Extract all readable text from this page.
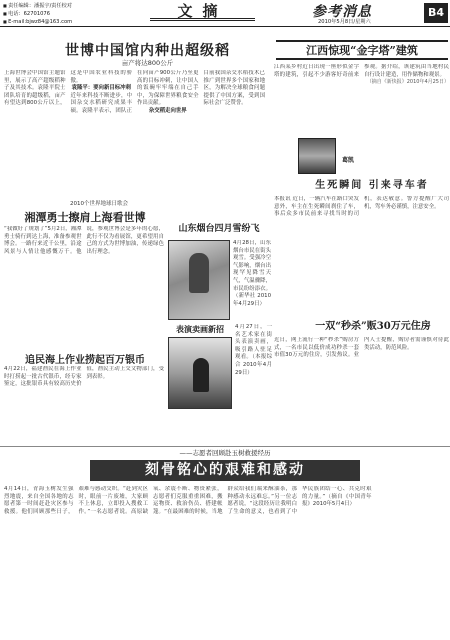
■ 责任编辑：潘振宇/责任校对
■ 电话：62701076
■ E-mail:bjwz84@163.com
文摘	参考消息
2010年5月8日/星期六
B4
世博中国馆内种出超级稻
亩产将达800公斤

上海世博会中国馆主题馆里，展示了高产超级稻种子及其技术。袁隆平院士团队培育的超级稻，亩产有望达到800公斤以上，这是中国农业科技的骄傲。

袁隆平：要向新目标冲刺

近年来科技不断进步，中国杂交水稻研究成果丰硕。袁隆平表示，团队正在向亩产900公斤乃至更高的目标冲刺，让中国人的饭碗牢牢端在自己手中，为保障世界粮食安全作出贡献。

杂交稻走向世界

目前我国杂交水稻技术已推广到世界多个国家和地区，为解决全球粮食问题提供了中国方案，受到国际社会广泛赞誉。

江西惊现“金字塔”建筑

江西某乡村近日出现一座形似金字塔的建筑，引起不少游客好奇前来参观。据介绍，该建筑由当地村民自行设计建造，用作储物和观景。

（摘自《新快报》2010年4月25日）

葛凯
生死瞬间 引来寻车者

本报讯 近日，一辆汽车在路口突发意外，车主在生死瞬间刹住了车，事后众多市民前来寻找当时的司机，表达敬意。警方提醒广大司机，驾车务必谨慎，注意安全。

一双“秒杀”贩30万元住房

近日，网上流行一种“秒杀”购房方式，一名市民以低价成功秒杀一套市值30万元的住房，引发热议。业内人士提醒，购房者需谨慎对待此类活动，防范风险。

2010个世界地球日歌会
湘潭勇士擦肩上海看世博

“我做好了规划了”5月2日，湘潭勇士骑行到达上海，准备参观世博会。一路行来近千公里，沿途风景与人情让他感慨万千。他说，参观世博会是多年的心愿，此行不仅为看展馆，更希望用自己的方式为世博加油，传递绿色出行理念。

追民海上作业捞起百万银币

4月22日，福建渔民在海上作业时打捞起一批古代银币，经专家鉴定，这批银币具有较高历史价值，渔民主动上交文物部门，受到表彰。

山东烟台四月雪纷飞
4月28日，山东烟台市民在街头观雪。受强冷空气影响，烟台出现罕见降雪天气，气温骤降，市民纷纷添衣。（新华社 2010年4月29日）
表演卖画新招	4月27日，一名艺术家在街头表演卖画，吸引路人驻足观看。（本报综合 2010年4月29日）
——志愿者回顾赴玉树救援经历
刻骨铭心的艰难和感动

4月14日，青海玉树发生强烈地震，来自全国各地的志愿者第一时间赶赴灾区参与救援。他们回顾那些日子，艰难与感动交织。“赶到灾区时，眼前一片废墟，大家顾不上休息，立即投入搜救工作。”一名志愿者说。高原缺氧、余震不断、物资紧张，志愿者们克服重重困难，搬运物资、救治伤员、搭建帐篷。“在最困难的时候，当地群众给我们端来酥油茶，那种感动永远难忘。”另一位志愿者说，“这段经历让我明白了生命的意义，也看到了中华民族团结一心、共克时艰的力量。”（摘自《中国青年报》2010年5月4日）
